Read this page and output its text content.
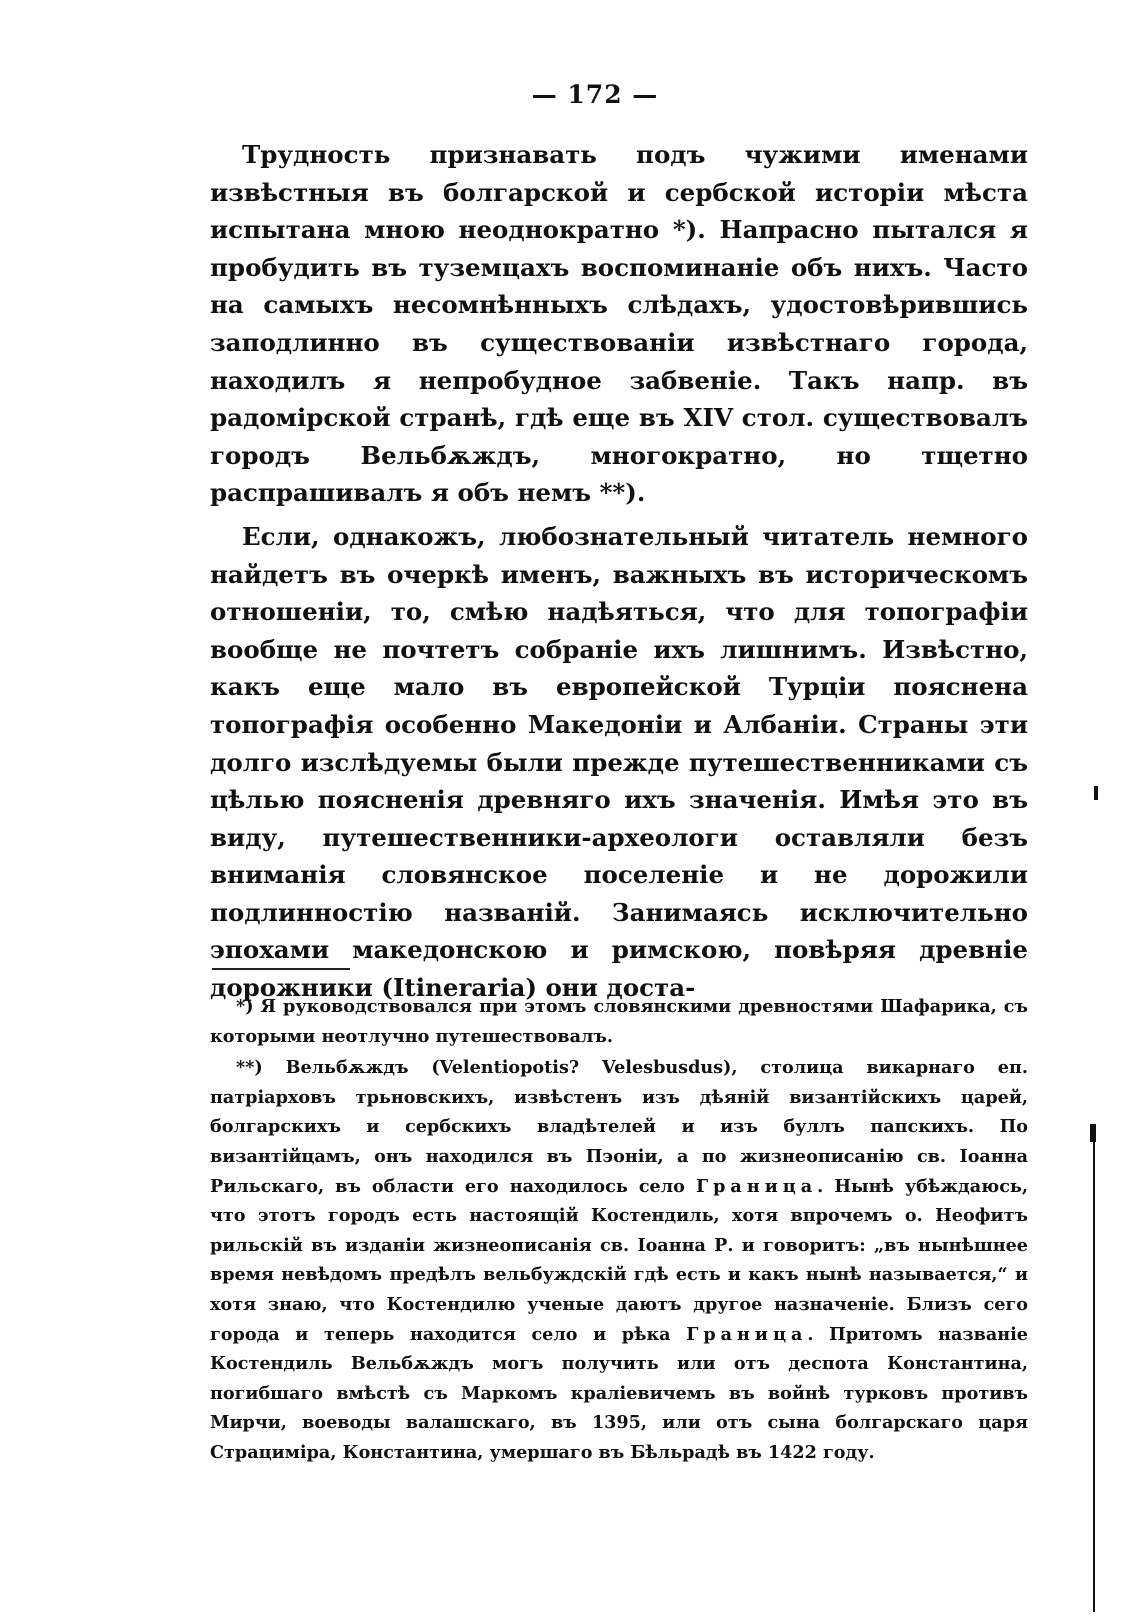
— 172 —

Трудность признавать подъ чужими именами извѣстныя въ болгарской и сербской исторiи мѣста испытана мною неоднократно *). Напрасно пытался я пробудить въ туземцахъ воспоминанiе объ нихъ. Часто на самыхъ несомнѣнныхъ слѣдахъ, удостовѣрившись заподлинно въ существованiи извѣстнаго города, находилъ я непробудное забвенiе. Такъ напр. въ радомiрской странѣ, гдѣ еще въ XIV стол. существовалъ городъ Вельбѫждъ, многократно, но тщетно распрашивалъ я объ немъ **).

Если, однакожъ, любознательный читатель немного найдетъ въ очеркѣ именъ, важныхъ въ историческомъ отношенiи, то, смѣю надѣяться, что для топографiи вообще не почтетъ собранiе ихъ лишнимъ. Извѣстно, какъ еще мало въ европейской Турцiи пояснена топографiя особенно Македонiи и Албанiи. Страны эти долго изслѣдуемы были прежде путешественниками съ цѣлью поясненiя древняго ихъ значенiя. Имѣя это въ виду, путешественники-археологи оставляли безъ вниманiя словянское поселенiе и не дорожили подлинностiю названiй. Занимаясь исключительно эпохами македонскою и римскою, повѣряя древнiе дорожники (Itinerarіa) они доста-

*) Я руководствовался при этомъ словянскими древностями Шафарика, съ которыми неотлучно путешествовалъ.

**) Вельбѫждъ (Velentiopotis? Velesbusdus), столица викарнаго еп. патрiарховъ трьновскихъ, извѣстенъ изъ дѣянiй византiйскихъ царей, болгарскихъ и сербскихъ владѣтелей и изъ буллъ папскихъ. По византiйцамъ, онъ находился въ Пэонiи, а по жизнеописанiю св. Iоанна Рильскаго, въ области его находилось село Граница. Нынѣ убѣждаюсь, что этотъ городъ есть настоящiй Костендиль, хотя впрочемъ о. Неофитъ рильскiй въ изданiи жизнеописанiя св. Iоанна Р. и говоритъ: „въ нынѣшнее время невѣдомъ предѣлъ вельбуждскiй гдѣ есть и какъ нынѣ называется,“ и хотя знаю, что Костендилю ученые даютъ другое назначенiе. Близъ сего города и теперь находится село и рѣка Граница. Притомъ названiе Костендиль Вельбѫждъ могъ получить или отъ деспота Константина, погибшаго вмѣстѣ съ Маркомъ кралiевичемъ въ войнѣ турковъ противъ Мирчи, воеводы валашскаго, въ 1395, или отъ сына болгарскаго царя Страцимiра, Константина, умершаго въ Бѣльрадѣ въ 1422 году.
